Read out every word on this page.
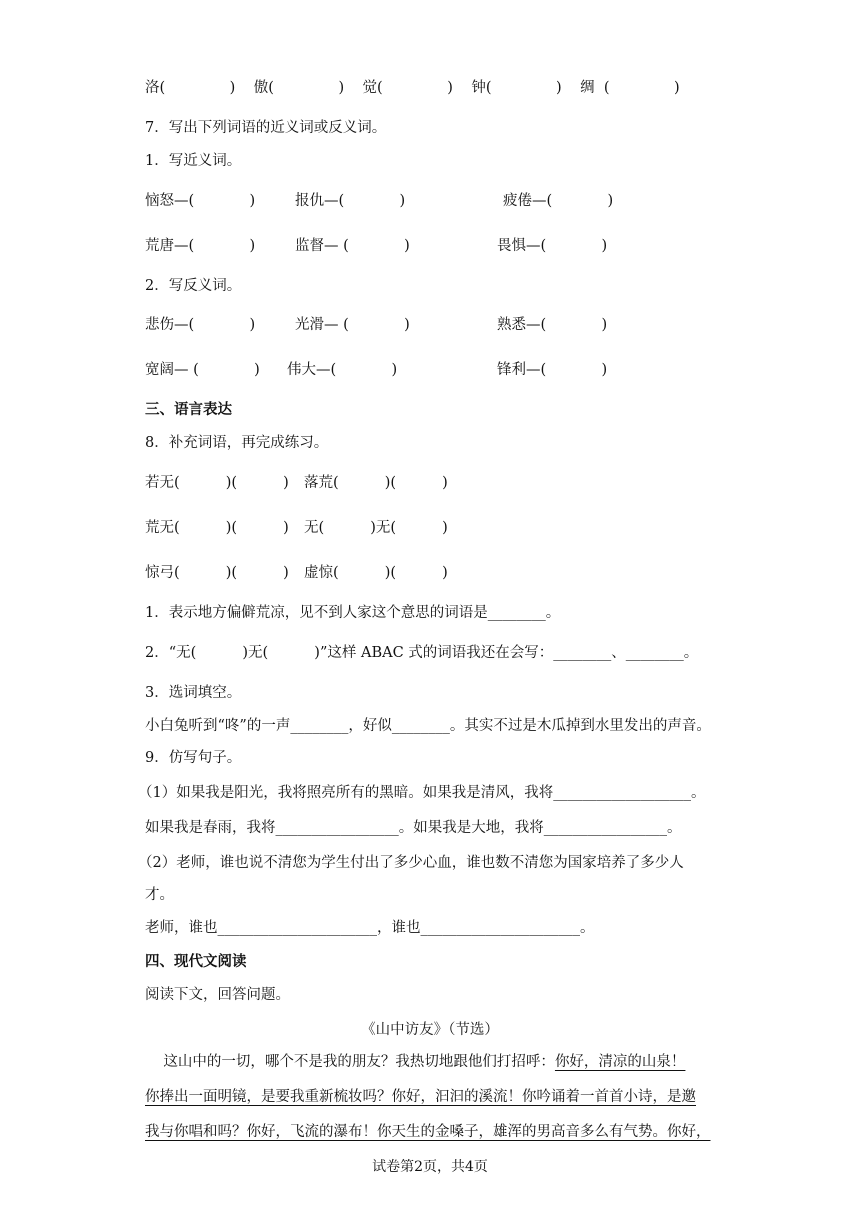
洛(              )    傲(              )    觉(              )    钟(              )    绸  (              )
7．写出下列词语的近义词或反义词。
1．写近义词。
恼怒—(            )	报仇—(            )	疲倦—(            )
荒唐—(            )	监督— (            )	畏惧—(            )
2．写反义词。
悲伤—(            )	光滑— (            )	熟悉—(            )
宽阔— (            ) 伟大—(            )	锋利—(            )
三、语言表达
8．补充词语，再完成练习。
若无(          )(          ) 落荒(          )(          )
荒无(          )(          ) 无(          )无(          )
惊弓(          )(          ) 虚惊(          )(          )
1．表示地方偏僻荒凉，见不到人家这个意思的词语是________。
2．“无(          )无(          )”这样 ABAC 式的词语我还在会写：________、________。
3．选词填空。
小白兔听到“咚”的一声________，好似________。其实不过是木瓜掉到水里发出的声音。
9．仿写句子。
（1）如果我是阳光，我将照亮所有的黑暗。如果我是清风，我将___________________。
如果我是春雨，我将_________________。如果我是大地，我将_________________。
（2）老师，谁也说不清您为学生付出了多少心血，谁也数不清您为国家培养了多少人
才。
老师，谁也______________________，谁也______________________。
四、现代文阅读
阅读下文，回答问题。
《山中访友》（节选）
这山中的一切，哪个不是我的朋友？我热切地跟他们打招呼：你好，清凉的山泉！
你捧出一面明镜，是要我重新梳妆吗？你好，汩汩的溪流！你吟诵着一首首小诗，是邀
我与你唱和吗？你好，飞流的瀑布！你天生的金嗓子，雄浑的男高音多么有气势。你好，
试卷第2页，共4页
